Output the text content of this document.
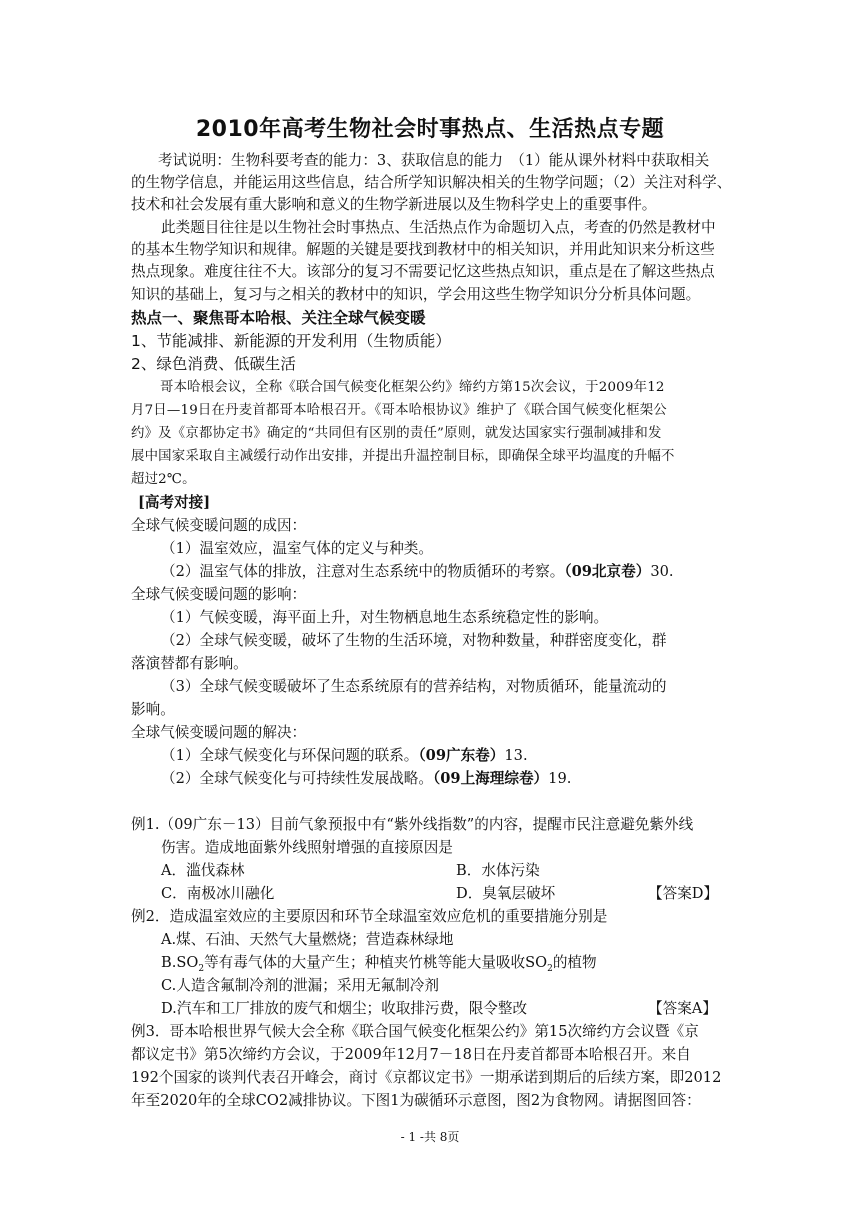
2010年高考生物社会时事热点、生活热点专题
考试说明：生物科要考查的能力：3、获取信息的能力　（1）能从课外材料中获取相关
的生物学信息，并能运用这些信息，结合所学知识解决相关的生物学问题；（2）关注对科学、
技术和社会发展有重大影响和意义的生物学新进展以及生物科学史上的重要事件。
此类题目往往是以生物社会时事热点、生活热点作为命题切入点，考查的仍然是教材中
的基本生物学知识和规律。解题的关键是要找到教材中的相关知识，并用此知识来分析这些
热点现象。难度往往不大。该部分的复习不需要记忆这些热点知识，重点是在了解这些热点
知识的基础上，复习与之相关的教材中的知识，学会用这些生物学知识分分析具体问题。
热点一、聚焦哥本哈根、关注全球气候变暖
1、节能减排、新能源的开发利用（生物质能）
2、绿色消费、低碳生活
哥本哈根会议，全称《联合国气候变化框架公约》缔约方第15次会议，于2009年12
月7日—19日在丹麦首都哥本哈根召开。《哥本哈根协议》维护了《联合国气候变化框架公
约》及《京都协定书》确定的“共同但有区别的责任”原则，就发达国家实行强制减排和发
展中国家采取自主减缓行动作出安排，并提出升温控制目标，即确保全球平均温度的升幅不
超过2℃。
[高考对接]
全球气候变暖问题的成因：
（1）温室效应，温室气体的定义与种类。
（2）温室气体的排放，注意对生态系统中的物质循环的考察。（09北京卷）30.
全球气候变暖问题的影响：
（1）气候变暖，海平面上升，对生物栖息地生态系统稳定性的影响。
（2）全球气候变暖，破坏了生物的生活环境，对物种数量，种群密度变化，群
落演替都有影响。
（3）全球气候变暖破坏了生态系统原有的营养结构，对物质循环，能量流动的
影响。
全球气候变暖问题的解决：
（1）全球气候变化与环保问题的联系。（09广东卷）13.
（2）全球气候变化与可持续性发展战略。（09上海理综卷）19.
例1.（09广东－13）目前气象预报中有“紫外线指数”的内容，提醒市民注意避免紫外线
伤害。造成地面紫外线照射增强的直接原因是
A．滥伐森林	B．水体污染
C．南极冰川融化	D．臭氧层破坏	【答案D】
例2．造成温室效应的主要原因和环节全球温室效应危机的重要措施分别是
A.煤、石油、天然气大量燃烧；营造森林绿地
$B.SO_2$等有毒气体的大量产生；种植夹竹桃等能大量吸收$SO_2$的植物
C.人造含氟制冷剂的泄漏；采用无氟制冷剂
D.汽车和工厂排放的废气和烟尘；收取排污费，限令整改	【答案A】
例3．哥本哈根世界气候大会全称《联合国气候变化框架公约》第15次缔约方会议暨《京
都议定书》第5次缔约方会议，于2009年12月7－18日在丹麦首都哥本哈根召开。来自
192个国家的谈判代表召开峰会，商讨《京都议定书》一期承诺到期后的后续方案，即2012
年至2020年的全球CO2减排协议。下图1为碳循环示意图，图2为食物网。请据图回答：
- 1 -共 8页
